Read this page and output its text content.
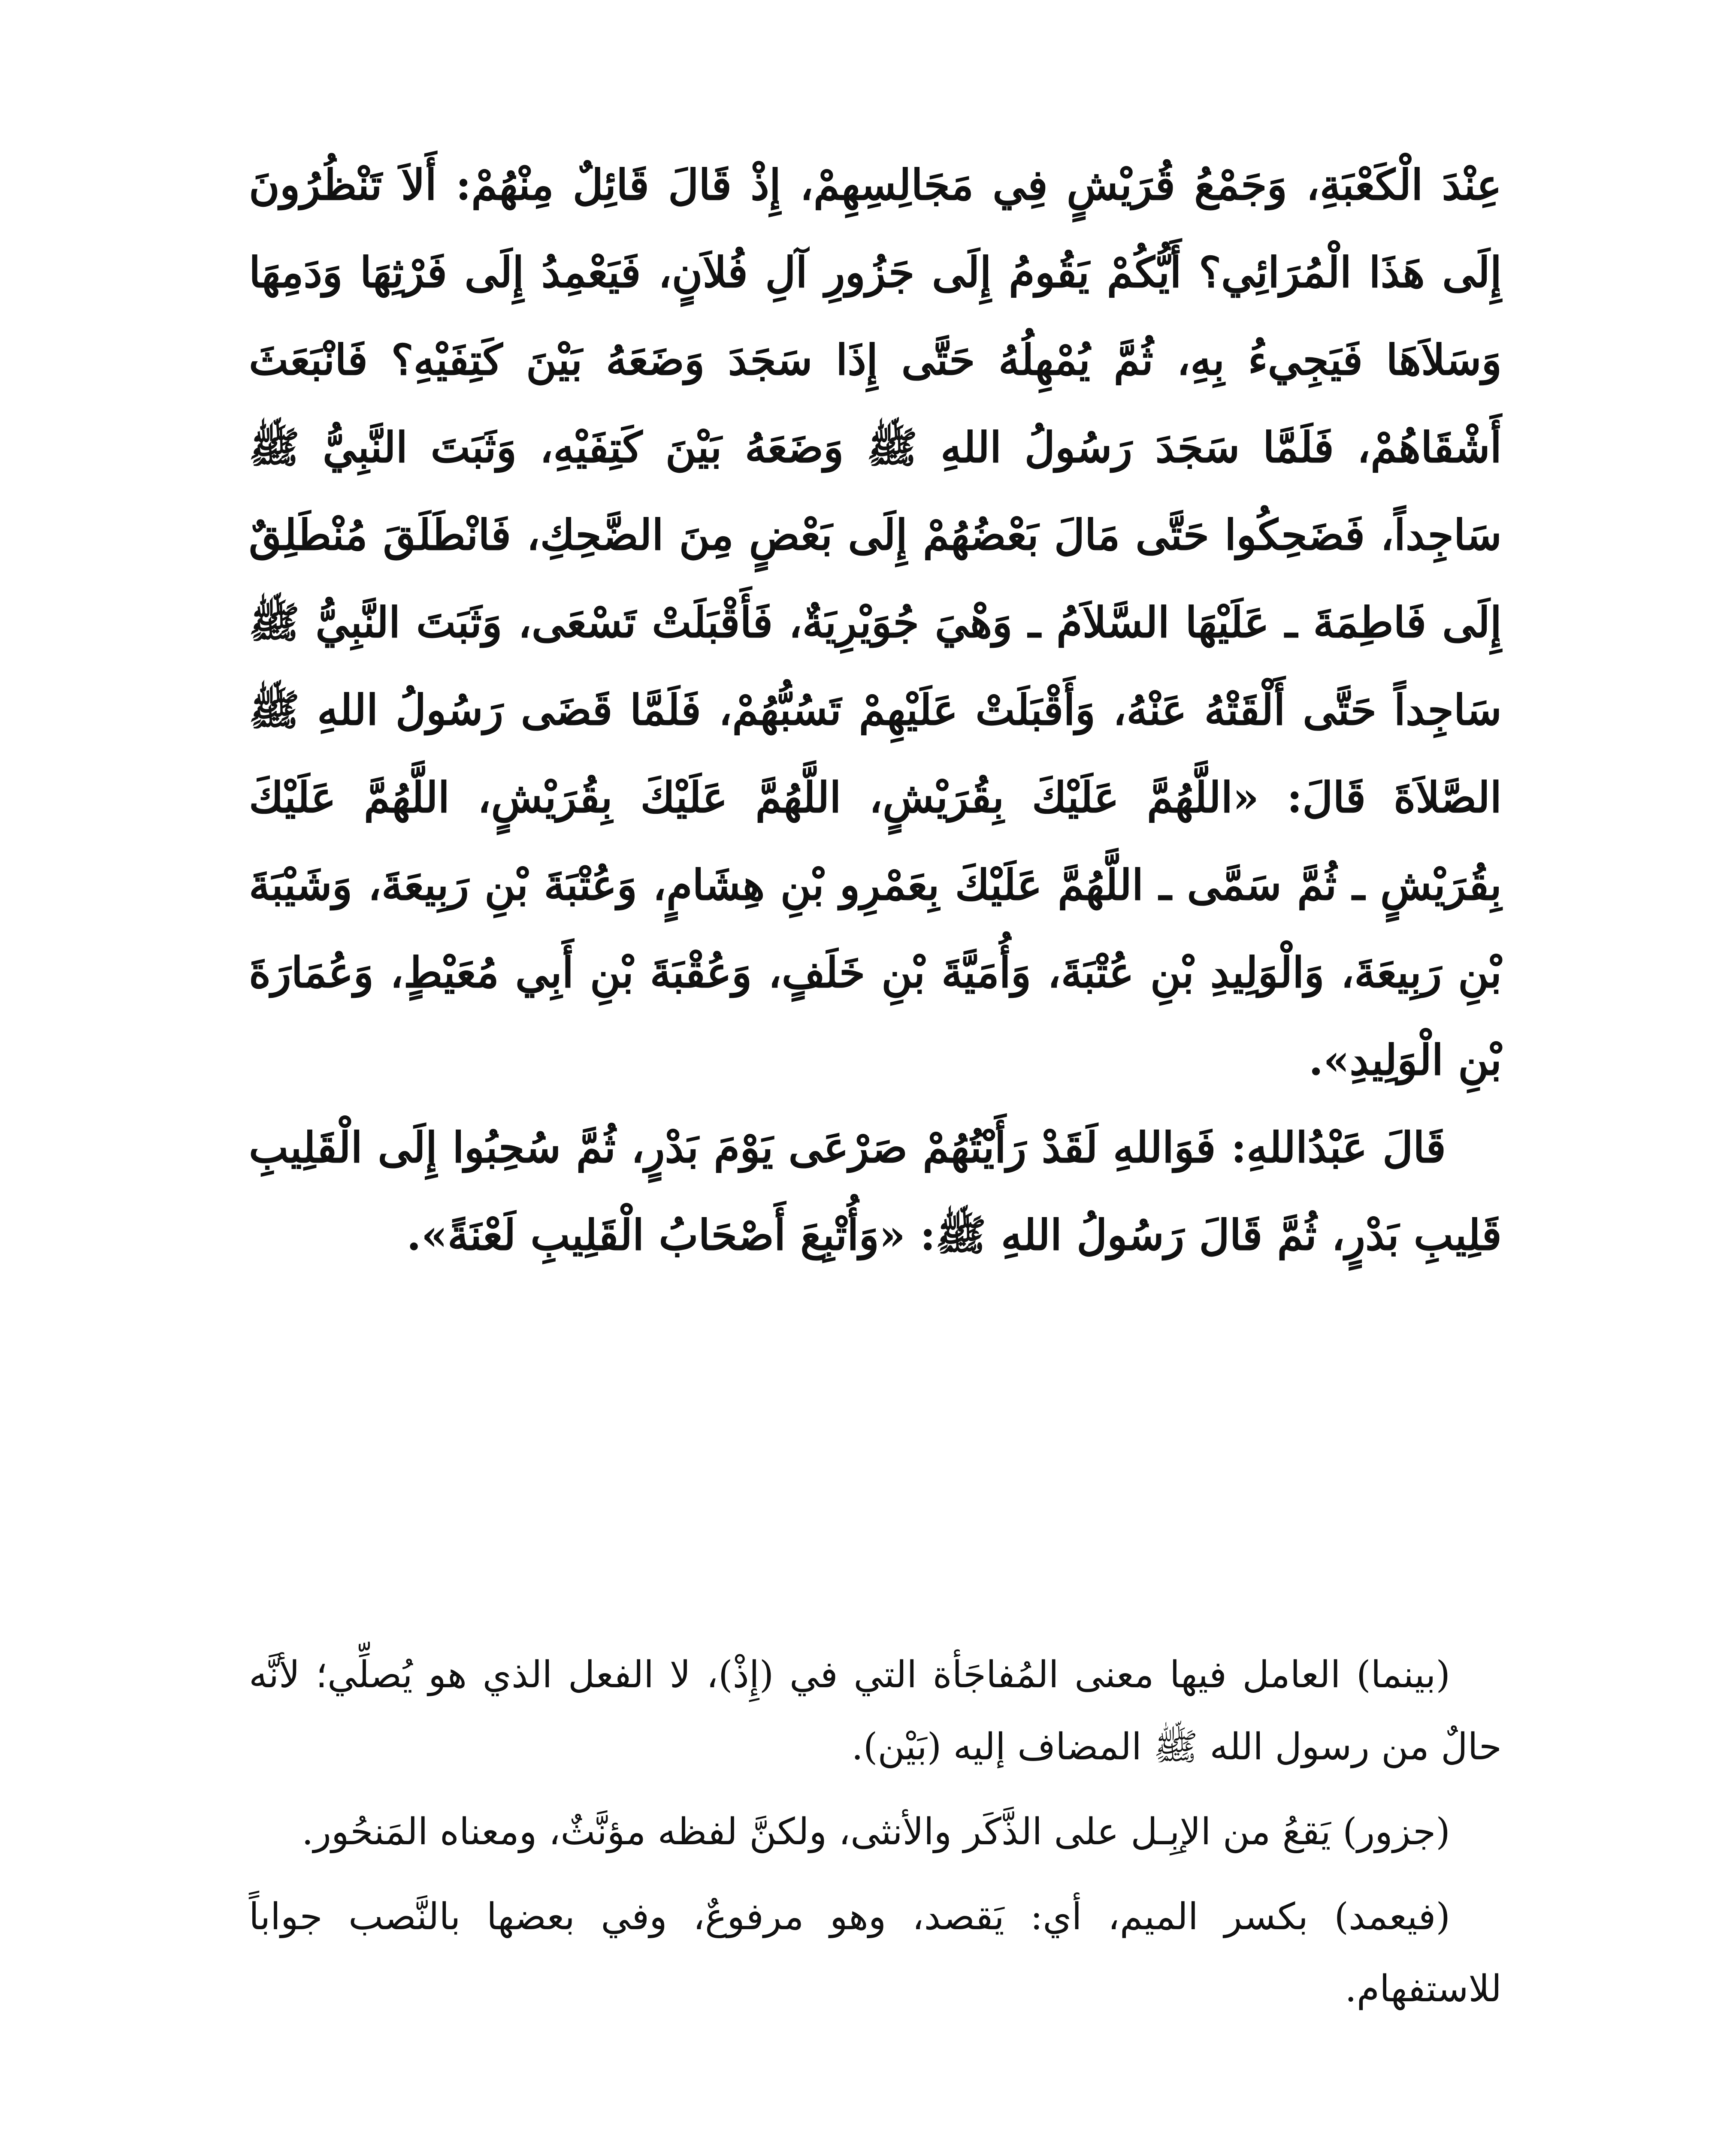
عِنْدَ الْكَعْبَةِ، وَجَمْعُ قُرَيْشٍ فِي مَجَالِسِهِمْ، إِذْ قَالَ قَائِلٌ مِنْهُمْ: أَلاَ تَنْظُرُونَ إِلَى هَذَا الْمُرَائِي؟ أَيُّكُمْ يَقُومُ إِلَى جَزُورِ آلِ فُلاَنٍ، فَيَعْمِدُ إِلَى فَرْثِهَا وَدَمِهَا وَسَلاَهَا فَيَجِيءُ بِهِ، ثُمَّ يُمْهِلُهُ حَتَّى إِذَا سَجَدَ وَضَعَهُ بَيْنَ كَتِفَيْهِ؟ فَانْبَعَثَ أَشْقَاهُمْ، فَلَمَّا سَجَدَ رَسُولُ اللهِ ﷺ وَضَعَهُ بَيْنَ كَتِفَيْهِ، وَثَبَتَ النَّبِيُّ ﷺ سَاجِداً، فَضَحِكُوا حَتَّى مَالَ بَعْضُهُمْ إِلَى بَعْضٍ مِنَ الضَّحِكِ، فَانْطَلَقَ مُنْطَلِقٌ إِلَى فَاطِمَةَ ـ عَلَيْهَا السَّلاَمُ ـ وَهْيَ جُوَيْرِيَةٌ، فَأَقْبَلَتْ تَسْعَى، وَثَبَتَ النَّبِيُّ ﷺ سَاجِداً حَتَّى أَلْقَتْهُ عَنْهُ، وَأَقْبَلَتْ عَلَيْهِمْ تَسُبُّهُمْ، فَلَمَّا قَضَى رَسُولُ اللهِ ﷺ الصَّلاَةَ قَالَ: «اللَّهُمَّ عَلَيْكَ بِقُرَيْشٍ، اللَّهُمَّ عَلَيْكَ بِقُرَيْشٍ، اللَّهُمَّ عَلَيْكَ بِقُرَيْشٍ ـ ثُمَّ سَمَّى ـ اللَّهُمَّ عَلَيْكَ بِعَمْرِو بْنِ هِشَامٍ، وَعُتْبَةَ بْنِ رَبِيعَةَ، وَشَيْبَةَ بْنِ رَبِيعَةَ، وَالْوَلِيدِ بْنِ عُتْبَةَ، وَأُمَيَّةَ بْنِ خَلَفٍ، وَعُقْبَةَ بْنِ أَبِي مُعَيْطٍ، وَعُمَارَةَ بْنِ الْوَلِيدِ».

قَالَ عَبْدُاللهِ: فَوَاللهِ لَقَدْ رَأَيْتُهُمْ صَرْعَى يَوْمَ بَدْرٍ، ثُمَّ سُحِبُوا إِلَى الْقَلِيبِ قَلِيبِ بَدْرٍ، ثُمَّ قَالَ رَسُولُ اللهِ ﷺ: «وَأُتْبِعَ أَصْحَابُ الْقَلِيبِ لَعْنَةً».

(بينما) العامل فيها معنى المُفاجَأة التي في (إِذْ)، لا الفعل الذي هو يُصلِّي؛ لأنَّه حالٌ من رسول الله ﷺ المضاف إليه (بَيْن).

(جزور) يَقعُ من الإبِـل على الذَّكَر والأنثى، ولكنَّ لفظه مؤنَّثٌ، ومعناه المَنحُور.

(فيعمد) بكسر الميم، أي: يَقصد، وهو مرفوعٌ، وفي بعضها بالنَّصب جواباً للاستفهام.
